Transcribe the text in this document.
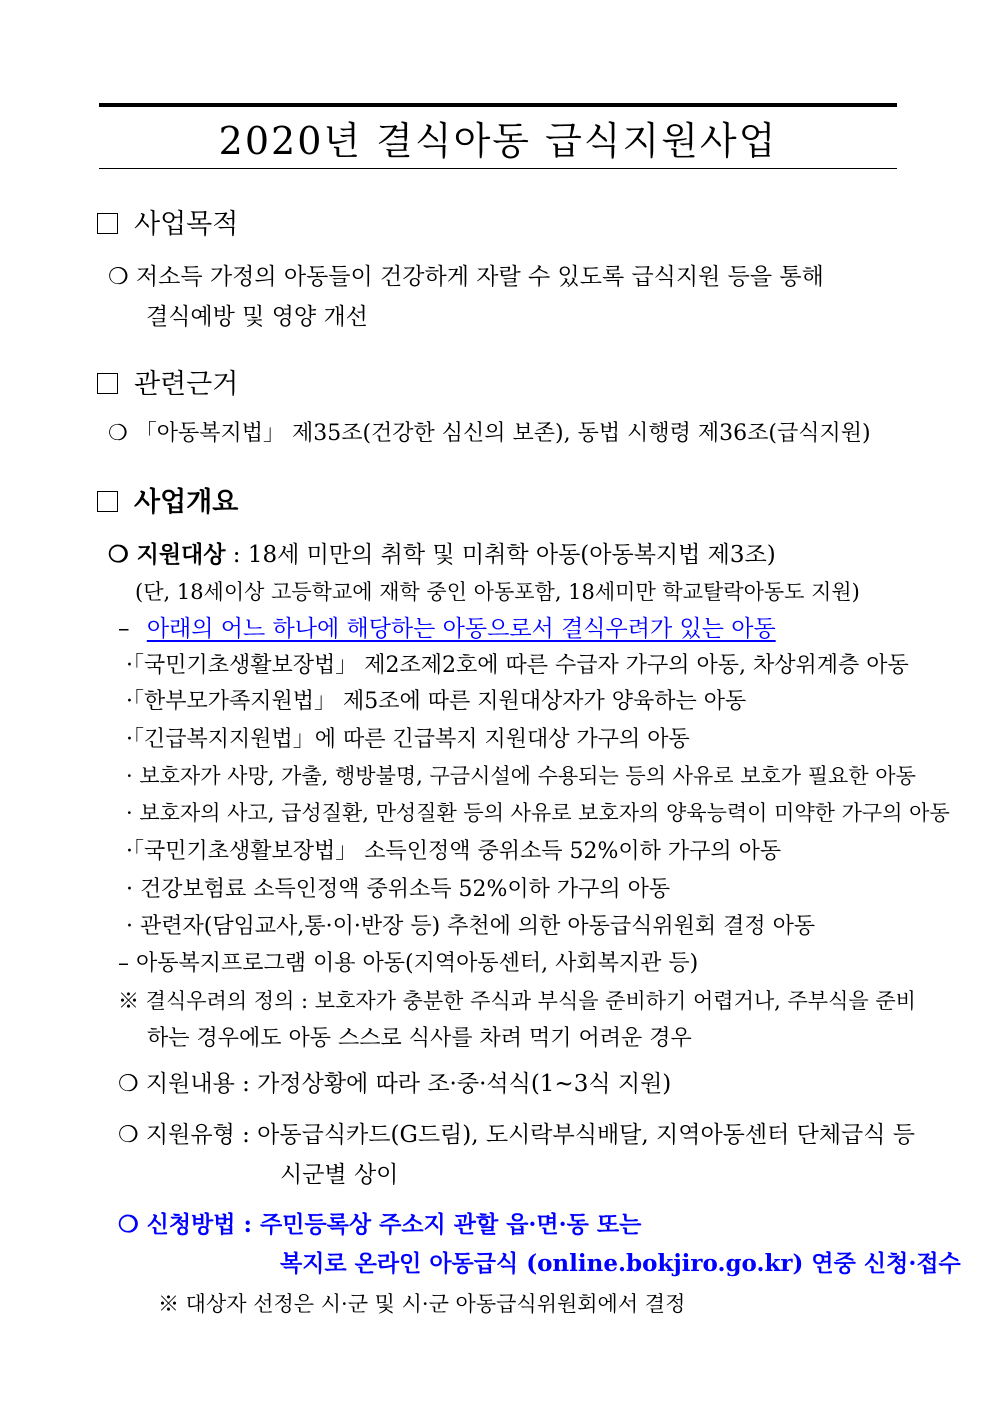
2020년 결식아동 급식지원사업
사업목적
❍ 저소득 가정의 아동들이 건강하게 자랄 수 있도록 급식지원 등을 통해
결식예방 및 영양 개선
관련근거
❍ 「아동복지법」 제35조(건강한 심신의 보존), 동법 시행령 제36조(급식지원)
사업개요
❍ 지원대상 : 18세 미만의 취학 및 미취학 아동(아동복지법 제3조)
(단, 18세이상 고등학교에 재학 중인 아동포함, 18세미만 학교탈락아동도 지원)
– 아래의 어느 하나에 해당하는 아동으로서 결식우려가 있는 아동
·「국민기초생활보장법」 제2조제2호에 따른 수급자 가구의 아동, 차상위계층 아동
·「한부모가족지원법」 제5조에 따른 지원대상자가 양육하는 아동
·「긴급복지지원법」에 따른 긴급복지 지원대상 가구의 아동
· 보호자가 사망, 가출, 행방불명, 구금시설에 수용되는 등의 사유로 보호가 필요한 아동
· 보호자의 사고, 급성질환, 만성질환 등의 사유로 보호자의 양육능력이 미약한 가구의 아동
·「국민기초생활보장법」 소득인정액 중위소득 52%이하 가구의 아동
· 건강보험료 소득인정액 중위소득 52%이하 가구의 아동
· 관련자(담임교사,통·이·반장 등) 추천에 의한 아동급식위원회 결정 아동
– 아동복지프로그램 이용 아동(지역아동센터, 사회복지관 등)
※ 결식우려의 정의 : 보호자가 충분한 주식과 부식을 준비하기 어렵거나, 주부식을 준비
하는 경우에도 아동 스스로 식사를 차려 먹기 어려운 경우
❍ 지원내용 : 가정상황에 따라 조·중·석식(1~3식 지원)
❍ 지원유형 : 아동급식카드(G드림), 도시락부식배달, 지역아동센터 단체급식 등
시군별 상이
❍ 신청방법 : 주민등록상 주소지 관할 읍·면·동 또는
복지로 온라인 아동급식 (online.bokjiro.go.kr) 연중 신청·접수
※ 대상자 선정은 시·군 및 시·군 아동급식위원회에서 결정
